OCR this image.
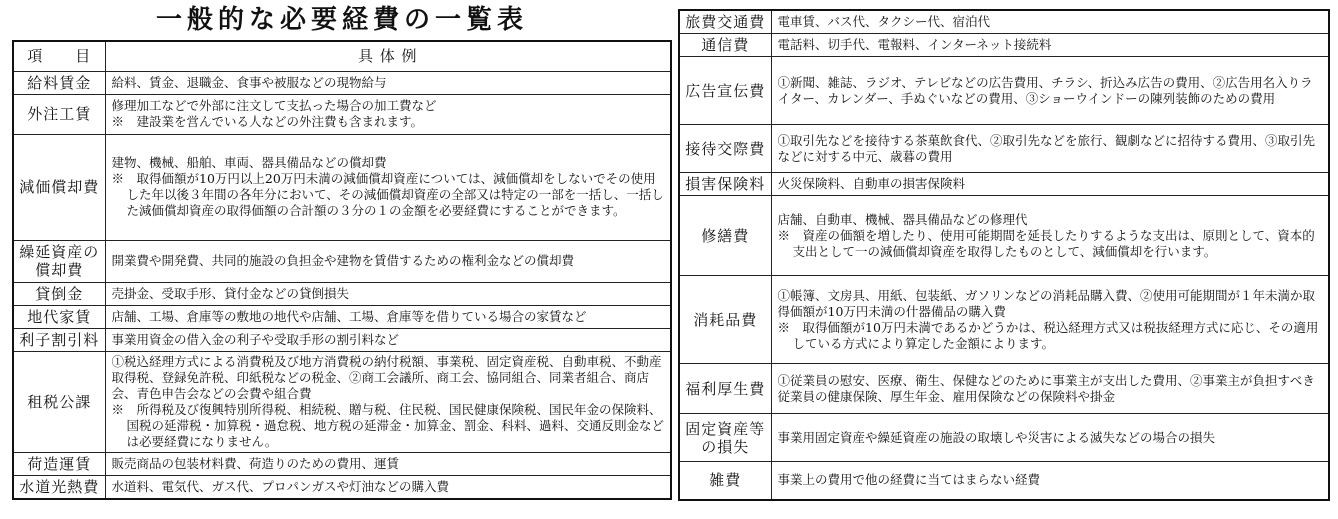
一般的な必要経費の一覧表
項　　目	具 体 例
給料賃金	給料、賃金、退職金、食事や被服などの現物給与

外注工賃	修理加工などで外部に注文して支払った場合の加工費など
※　建設業を営んでいる人などの外注費も含まれます。

減価償却費	建物、機械、船舶、車両、器具備品などの償却費
※　取得価額が10万円以上20万円未満の減価償却資産については、減価償却をしないでその使用した年以後３年間の各年分において、その減価償却資産の全部又は特定の一部を一括し、一括した減価償却資産の取得価額の合計額の３分の１の金額を必要経費にすることができます。

繰延資産の償却費	開業費や開発費、共同的施設の負担金や建物を賃借するための権利金などの償却費

貸倒金	売掛金、受取手形、貸付金などの貸倒損失

地代家賃	店舗、工場、倉庫等の敷地の地代や店舗、工場、倉庫等を借りている場合の家賃など

利子割引料	事業用資金の借入金の利子や受取手形の割引料など

租税公課	①税込経理方式による消費税及び地方消費税の納付税額、事業税、固定資産税、自動車税、不動産取得税、登録免許税、印紙税などの税金、②商工会議所、商工会、協同組合、同業者組合、商店会、青色申告会などの会費や組合費
※　所得税及び復興特別所得税、相続税、贈与税、住民税、国民健康保険税、国民年金の保険料、国税の延滞税・加算税・過怠税、地方税の延滞金・加算金、罰金、科料、過料、交通反則金などは必要経費になりません。

荷造運賃	販売商品の包装材料費、荷造りのための費用、運賃

水道光熱費	水道料、電気代、ガス代、プロパンガスや灯油などの購入費
旅費交通費	電車賃、バス代、タクシー代、宿泊代

通信費	電話料、切手代、電報料、インターネット接続料

広告宣伝費	①新聞、雑誌、ラジオ、テレビなどの広告費用、チラシ、折込み広告の費用、②広告用名入りライター、カレンダー、手ぬぐいなどの費用、③ショーウインドーの陳列装飾のための費用

接待交際費	①取引先などを接待する茶菓飲食代、②取引先などを旅行、観劇などに招待する費用、③取引先などに対する中元、歳暮の費用

損害保険料	火災保険料、自動車の損害保険料

修繕費	店舗、自動車、機械、器具備品などの修理代
※　資産の価額を増したり、使用可能期間を延長したりするような支出は、原則として、資本的支出として一の減価償却資産を取得したものとして、減価償却を行います。

消耗品費	①帳簿、文房具、用紙、包装紙、ガソリンなどの消耗品購入費、②使用可能期間が１年未満か取得価額が10万円未満の什器備品の購入費
※　取得価額が10万円未満であるかどうかは、税込経理方式又は税抜経理方式に応じ、その適用している方式により算定した金額によります。

福利厚生費	①従業員の慰安、医療、衛生、保健などのために事業主が支出した費用、②事業主が負担すべき従業員の健康保険、厚生年金、雇用保険などの保険料や掛金

固定資産等の損失	事業用固定資産や繰延資産の施設の取壊しや災害による滅失などの場合の損失

雑費	事業上の費用で他の経費に当てはまらない経費
